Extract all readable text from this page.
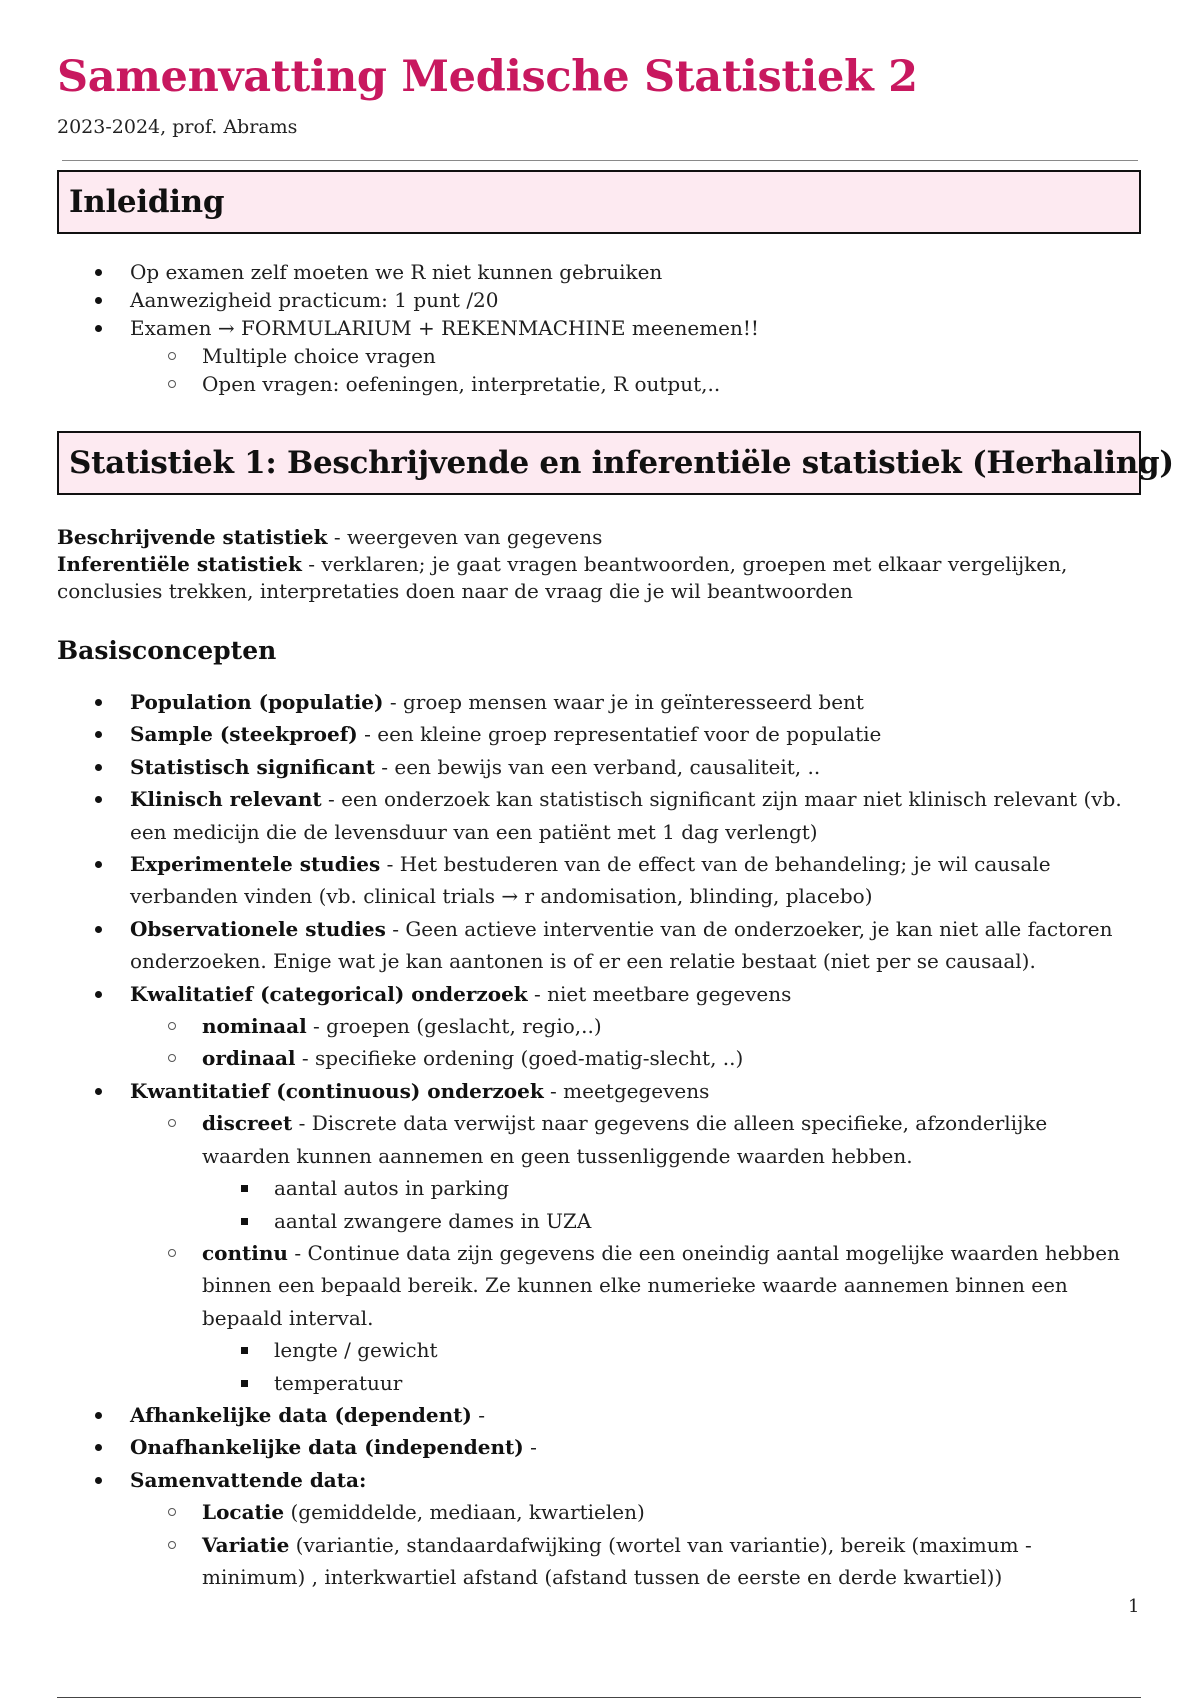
Samenvatting Medische Statistiek 2
2023-2024, prof. Abrams
Inleiding
Op examen zelf moeten we R niet kunnen gebruiken
Aanwezigheid practicum: 1 punt /20
Examen → FORMULARIUM + REKENMACHINE meenemen!!
Multiple choice vragen
Open vragen: oefeningen, interpretatie, R output,..
Statistiek 1: Beschrijvende en inferentiële statistiek (Herhaling)

Beschrijvende statistiek - weergeven van gegevens

Inferentiële statistiek - verklaren; je gaat vragen beantwoorden, groepen met elkaar vergelijken, conclusies trekken, interpretaties doen naar de vraag die je wil beantwoorden

Basisconcepten
Population (populatie) - groep mensen waar je in geïnteresseerd bent
Sample (steekproef) - een kleine groep representatief voor de populatie
Statistisch significant - een bewijs van een verband, causaliteit, ..
Klinisch relevant - een onderzoek kan statistisch significant zijn maar niet klinisch relevant (vb. een medicijn die de levensduur van een patiënt met 1 dag verlengt)
Experimentele studies - Het bestuderen van de effect van de behandeling; je wil causale verbanden vinden (vb. clinical trials → r andomisation, blinding, placebo)
Observationele studies - Geen actieve interventie van de onderzoeker, je kan niet alle factoren onderzoeken. Enige wat je kan aantonen is of er een relatie bestaat (niet per se causaal).
Kwalitatief (categorical) onderzoek - niet meetbare gegevens
nominaal - groepen (geslacht, regio,..)
ordinaal - specifieke ordening (goed-matig-slecht, ..)
Kwantitatief (continuous) onderzoek - meetgegevens
discreet - Discrete data verwijst naar gegevens die alleen specifieke, afzonderlijke waarden kunnen aannemen en geen tussenliggende waarden hebben.
aantal autos in parking
aantal zwangere dames in UZA
continu - Continue data zijn gegevens die een oneindig aantal mogelijke waarden hebben binnen een bepaald bereik. Ze kunnen elke numerieke waarde aannemen binnen een bepaald interval.
lengte / gewicht
temperatuur
Afhankelijke data (dependent) -
Onafhankelijke data (independent) -
Samenvattende data:
Locatie (gemiddelde, mediaan, kwartielen)
Variatie (variantie, standaardafwijking (wortel van variantie), bereik (maximum - minimum) , interkwartiel afstand (afstand tussen de eerste en derde kwartiel))
1
